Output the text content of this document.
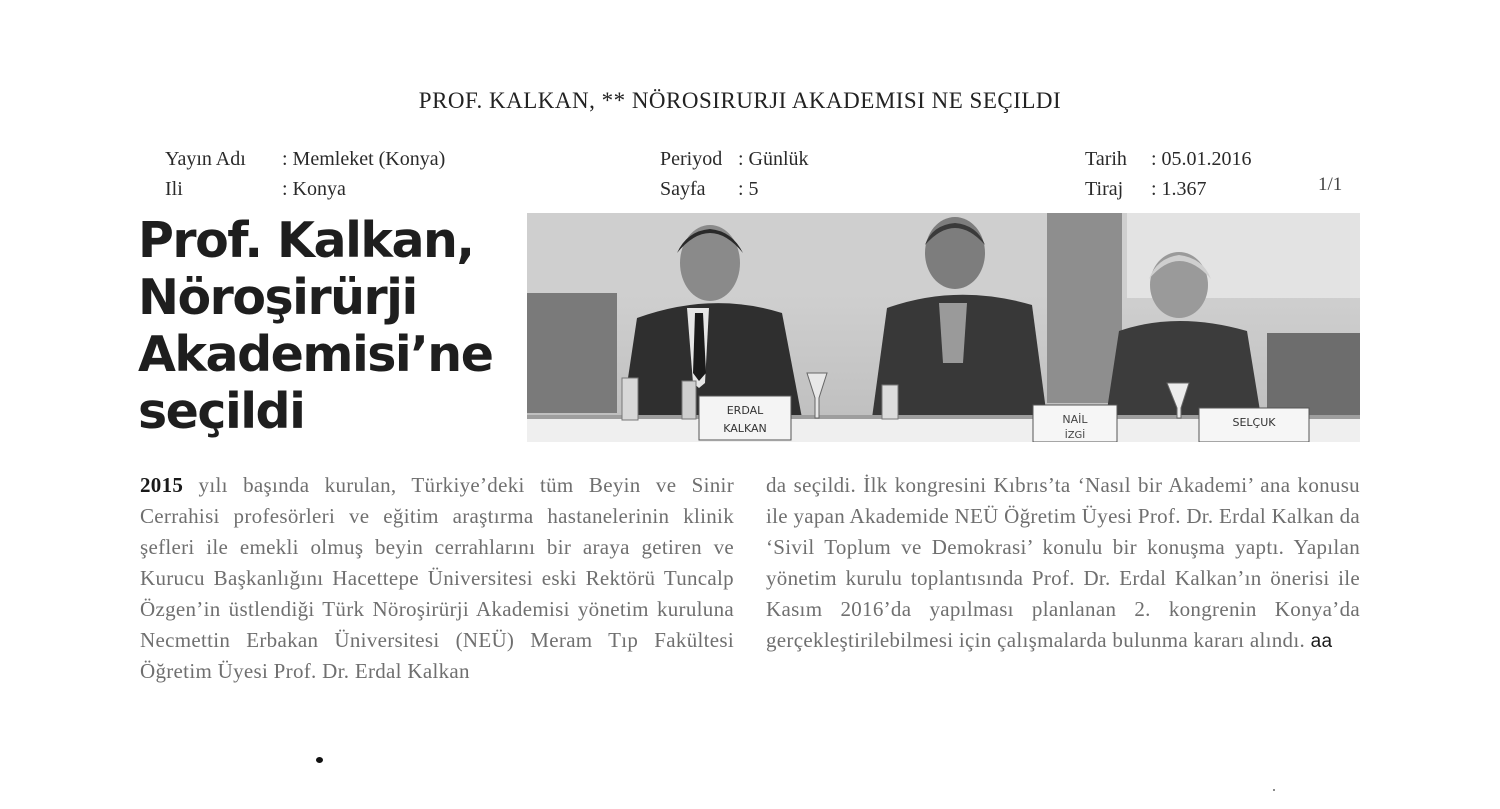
PROF. KALKAN, ** NÖROSIRURJI AKADEMISI NE SEÇILDI
Yayın Adı : Memleket (Konya)
Ili	: Konya
Periyod : Günlük
Sayfa : 5
Tarih : 05.01.2016
Tiraj : 1.367	1/1
Prof. Kalkan,
Nöroşirürji
Akademisi’ne
seçildi	ERDAL
KALKAN
NAİL
İZGİ
SELÇUK
2015 yılı başında kurulan, Türkiye’deki tüm Beyin ve Sinir Cerrahisi profesörleri ve eğitim araştırma hastanelerinin klinik şefleri ile emekli olmuş beyin cerrahlarını bir araya getiren ve Kurucu Başkanlığını Hacettepe Üniversitesi eski Rektörü Tuncalp Özgen’in üstlendiği Türk Nöroşirürji Akademisi yönetim kuruluna Necmettin Erbakan Üniversitesi (NEÜ) Meram Tıp Fakültesi Öğretim Üyesi Prof. Dr. Erdal Kalkan
da seçildi. İlk kongresini Kıbrıs’ta ‘Nasıl bir Akademi’ ana konusu ile yapan Akademide NEÜ Öğretim Üyesi Prof. Dr. Erdal Kalkan da ‘Sivil Toplum ve Demokrasi’ konulu bir konuşma yaptı. Yapılan yönetim kurulu toplantısında Prof. Dr. Erdal Kalkan’ın önerisi ile Kasım 2016’da yapılması planlanan 2. kongrenin Konya’da gerçekleştirilebilmesi için çalışmalarda bulunma kararı alındı. aa
